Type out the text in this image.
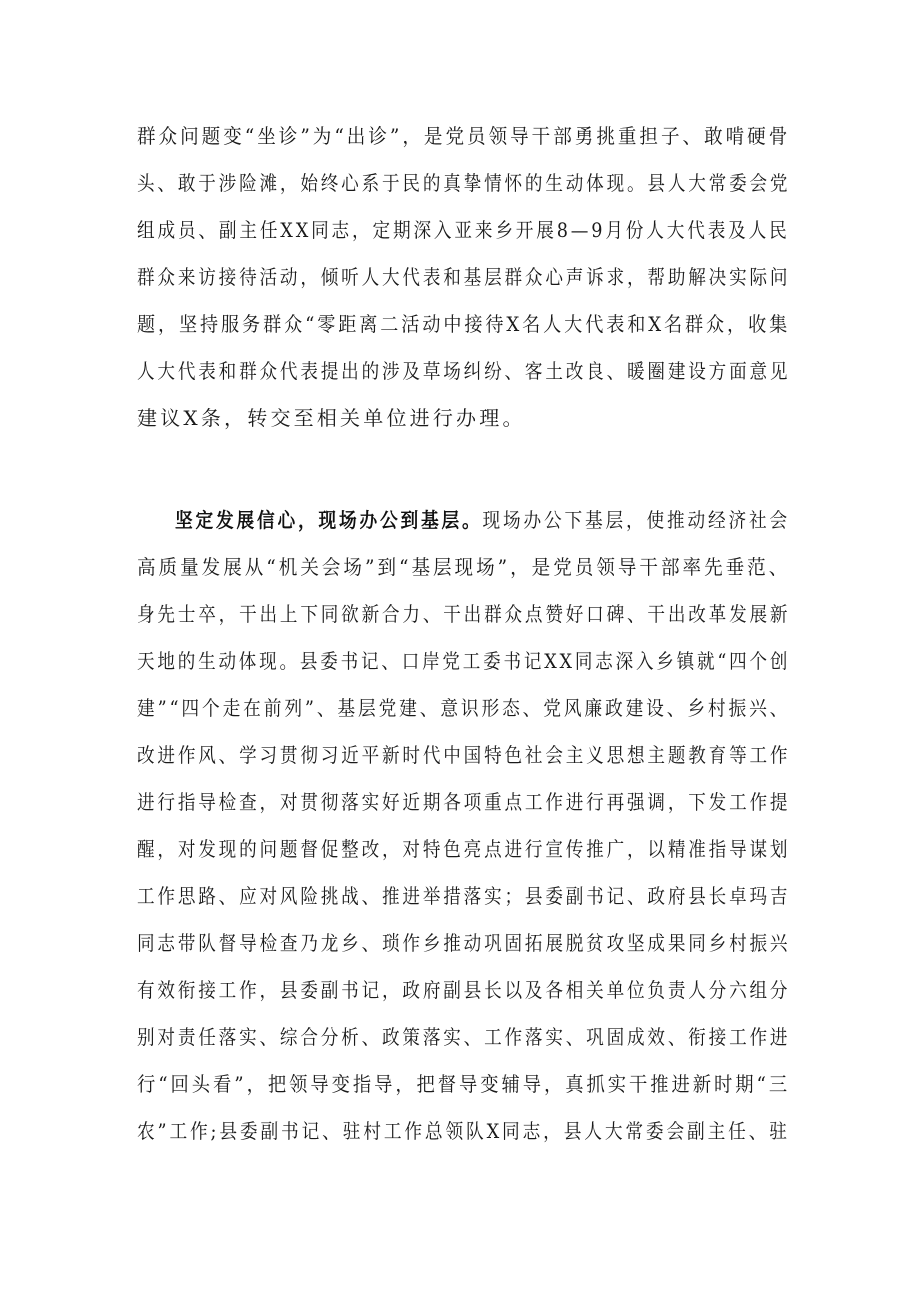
群众问题变“坐诊”为“出诊”，是党员领导干部勇挑重担子、敢啃硬骨
头、敢于涉险滩，始终心系于民的真挚情怀的生动体现。县人大常委会党
组成员、副主任XX同志，定期深入亚来乡开展8—9月份人大代表及人民
群众来访接待活动，倾听人大代表和基层群众心声诉求，帮助解决实际问
题，坚持服务群众“零距离二活动中接待X名人大代表和X名群众，收集
人大代表和群众代表提出的涉及草场纠纷、客土改良、暖圈建设方面意见
建议X条，转交至相关单位进行办理。
坚定发展信心，现场办公到基层。现场办公下基层，使推动经济社会
高质量发展从“机关会场”到“基层现场”，是党员领导干部率先垂范、
身先士卒，干出上下同欲新合力、干出群众点赞好口碑、干出改革发展新
天地的生动体现。县委书记、口岸党工委书记XX同志深入乡镇就“四个创
建”“四个走在前列”、基层党建、意识形态、党风廉政建设、乡村振兴、
改进作风、学习贯彻习近平新时代中国特色社会主义思想主题教育等工作
进行指导检查，对贯彻落实好近期各项重点工作进行再强调，下发工作提
醒，对发现的问题督促整改，对特色亮点进行宣传推广，以精准指导谋划
工作思路、应对风险挑战、推进举措落实；县委副书记、政府县长卓玛吉
同志带队督导检查乃龙乡、琐作乡推动巩固拓展脱贫攻坚成果同乡村振兴
有效衔接工作，县委副书记，政府副县长以及各相关单位负责人分六组分
别对责任落实、综合分析、政策落实、工作落实、巩固成效、衔接工作进
行“回头看”，把领导变指导，把督导变辅导，真抓实干推进新时期“三
农”工作;县委副书记、驻村工作总领队X同志，县人大常委会副主任、驻
